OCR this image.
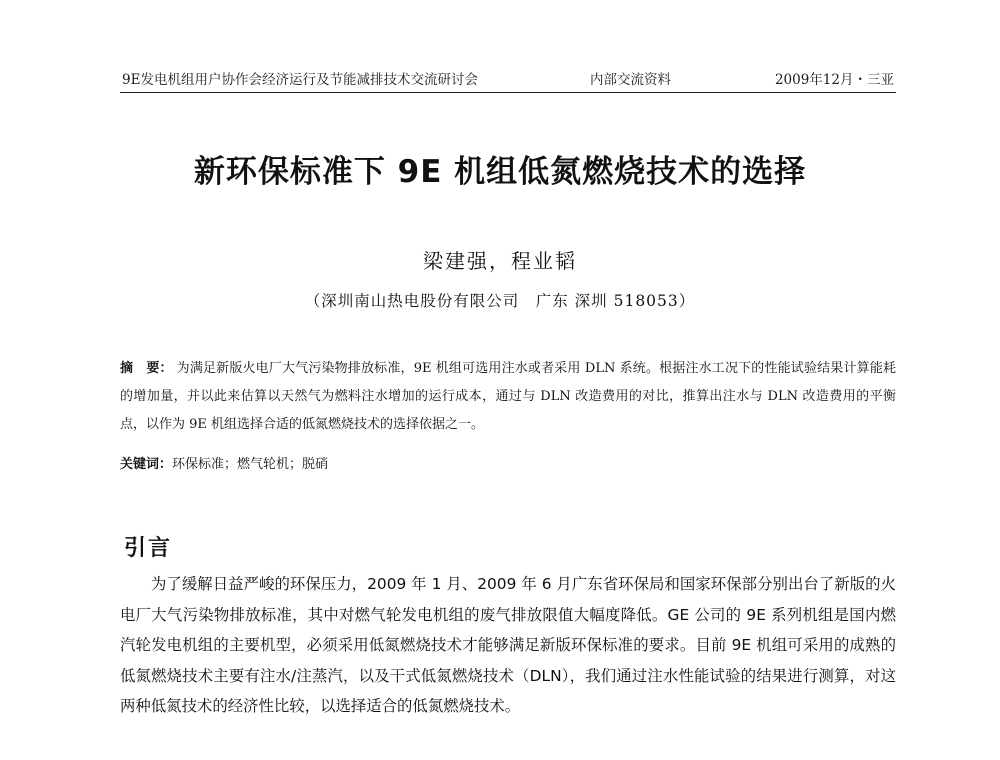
9E发电机组用户协作会经济运行及节能减排技术交流研讨会	内部交流资料	2009年12月・三亚
新环保标准下 9E 机组低氮燃烧技术的选择
梁建强，程业韬
（深圳南山热电股份有限公司　广东 深圳 518053）
摘　要： 为满足新版火电厂大气污染物排放标准，9E 机组可选用注水或者采用 DLN 系统。根据注水工况下的性能试验结果计算能耗的增加量，并以此来估算以天然气为燃料注水增加的运行成本，通过与 DLN 改造费用的对比，推算出注水与 DLN 改造费用的平衡点，以作为 9E 机组选择合适的低氮燃烧技术的选择依据之一。
关键词：环保标准；燃气轮机；脱硝
引言
为了缓解日益严峻的环保压力，2009 年 1 月、2009 年 6 月广东省环保局和国家环保部分别出台了新版的火电厂大气污染物排放标准，其中对燃气轮发电机组的废气排放限值大幅度降低。GE 公司的 9E 系列机组是国内燃汽轮发电机组的主要机型，必须采用低氮燃烧技术才能够满足新版环保标准的要求。目前 9E 机组可采用的成熟的低氮燃烧技术主要有注水/注蒸汽，以及干式低氮燃烧技术（DLN），我们通过注水性能试验的结果进行测算，对这两种低氮技术的经济性比较，以选择适合的低氮燃烧技术。
